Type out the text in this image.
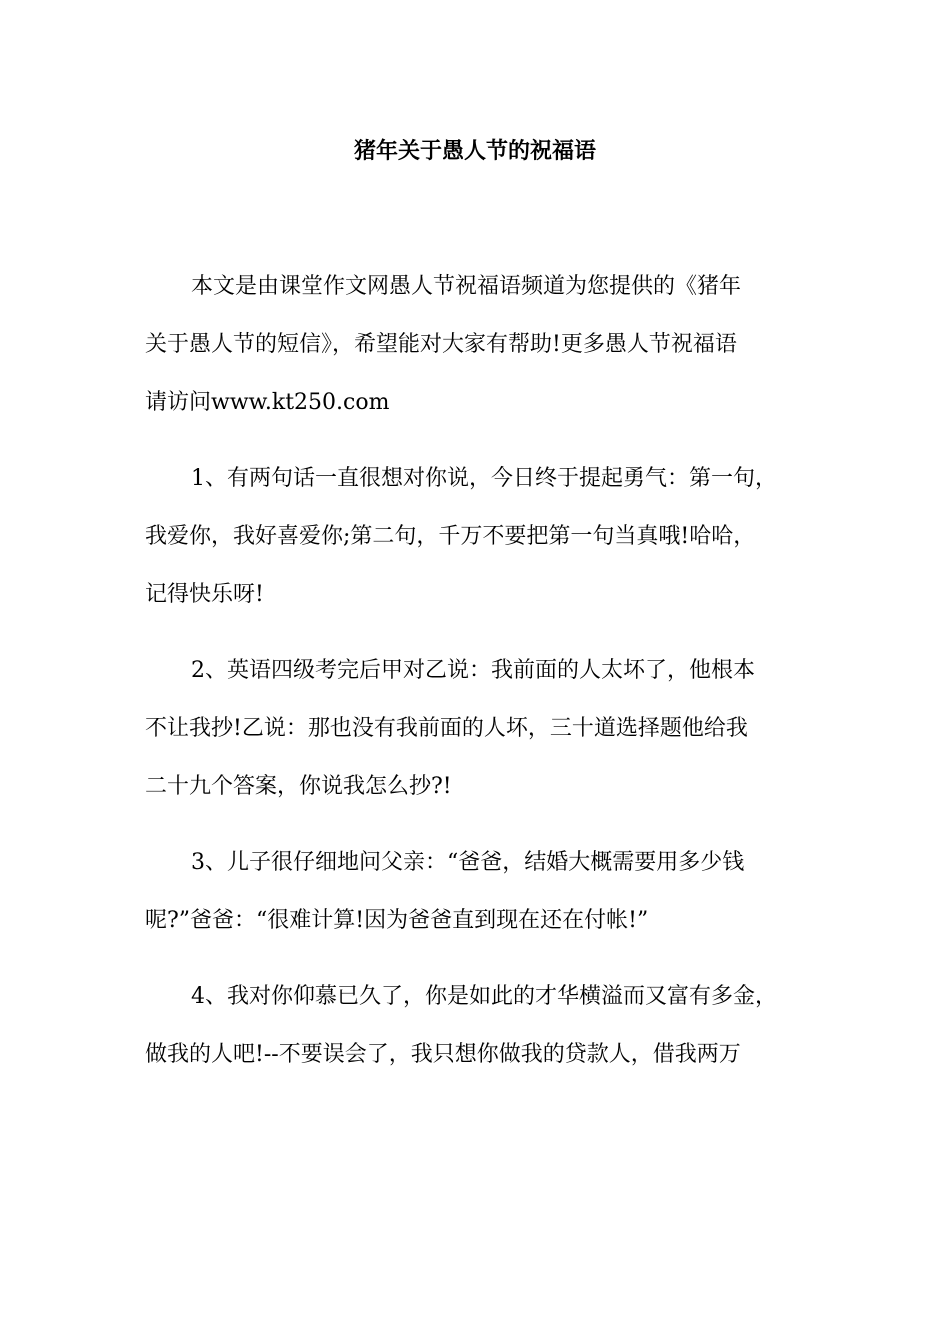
猪年关于愚人节的祝福语

本文是由课堂作文网愚人节祝福语频道为您提供的《猪年

关于愚人节的短信》，希望能对大家有帮助!更多愚人节祝福语

请访问www.kt250.com

1、有两句话一直很想对你说，今日终于提起勇气：第一句，

我爱你，我好喜爱你;第二句，千万不要把第一句当真哦!哈哈，

记得快乐呀!

2、英语四级考完后甲对乙说：我前面的人太坏了，他根本

不让我抄!乙说：那也没有我前面的人坏，三十道选择题他给我

二十九个答案，你说我怎么抄?!

3、儿子很仔细地问父亲：“爸爸，结婚大概需要用多少钱

呢?”爸爸：“很难计算!因为爸爸直到现在还在付帐!”

4、我对你仰慕已久了，你是如此的才华横溢而又富有多金，

做我的人吧!--不要误会了，我只想你做我的贷款人，借我两万
